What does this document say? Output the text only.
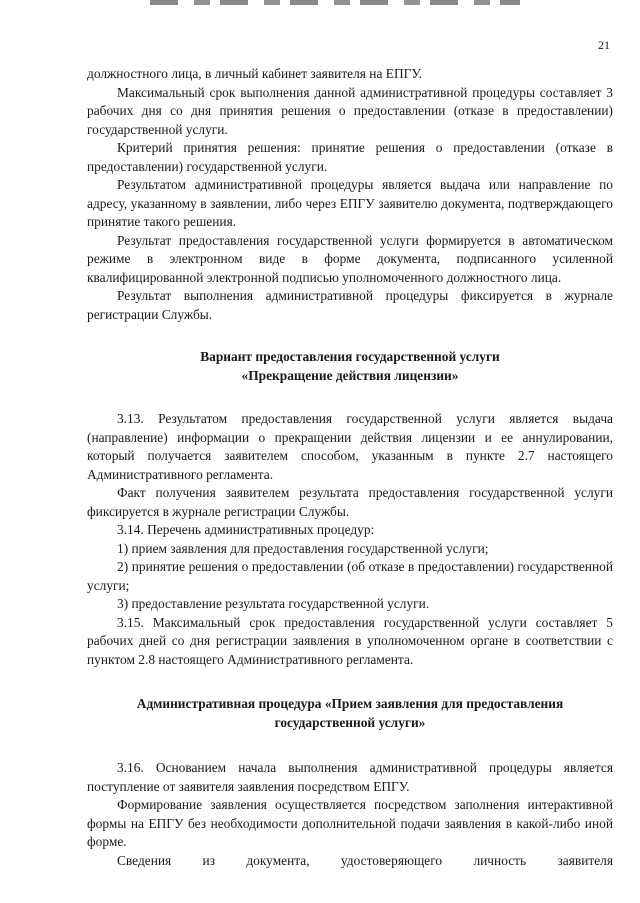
21

должностного лица, в личный кабинет заявителя на ЕПГУ.

Максимальный срок выполнения данной административной процедуры составляет 3 рабочих дня со дня принятия решения о предоставлении (отказе в предоставлении) государственной услуги.

Критерий принятия решения: принятие решения о предоставлении (отказе в предоставлении) государственной услуги.

Результатом административной процедуры является выдача или направление по адресу, указанному в заявлении, либо через ЕПГУ заявителю документа, подтверждающего принятие такого решения.

Результат предоставления государственной услуги формируется в автоматическом режиме в электронном виде в форме документа, подписанного усиленной квалифицированной электронной подписью уполномоченного должностного лица.

Результат выполнения административной процедуры фиксируется в журнале регистрации Службы.

Вариант предоставления государственной услуги
«Прекращение действия лицензии»

3.13. Результатом предоставления государственной услуги является выдача (направление) информации о прекращении действия лицензии и ее аннулировании, который получается заявителем способом, указанным в пункте 2.7 настоящего Административного регламента.

Факт получения заявителем результата предоставления государственной услуги фиксируется в журнале регистрации Службы.

3.14. Перечень административных процедур:

1) прием заявления для предоставления государственной услуги;

2) принятие решения о предоставлении (об отказе в предоставлении) государственной услуги;

3) предоставление результата государственной услуги.

3.15. Максимальный срок предоставления государственной услуги составляет 5 рабочих дней со дня регистрации заявления в уполномоченном органе в соответствии с пунктом 2.8 настоящего Административного регламента.

Административная процедура «Прием заявления для предоставления
государственной услуги»

3.16. Основанием начала выполнения административной процедуры является поступление от заявителя заявления посредством ЕПГУ.

Формирование заявления осуществляется посредством заполнения интерактивной формы на ЕПГУ без необходимости дополнительной подачи заявления в какой-либо иной форме.

Сведения из документа, удостоверяющего личность заявителя
